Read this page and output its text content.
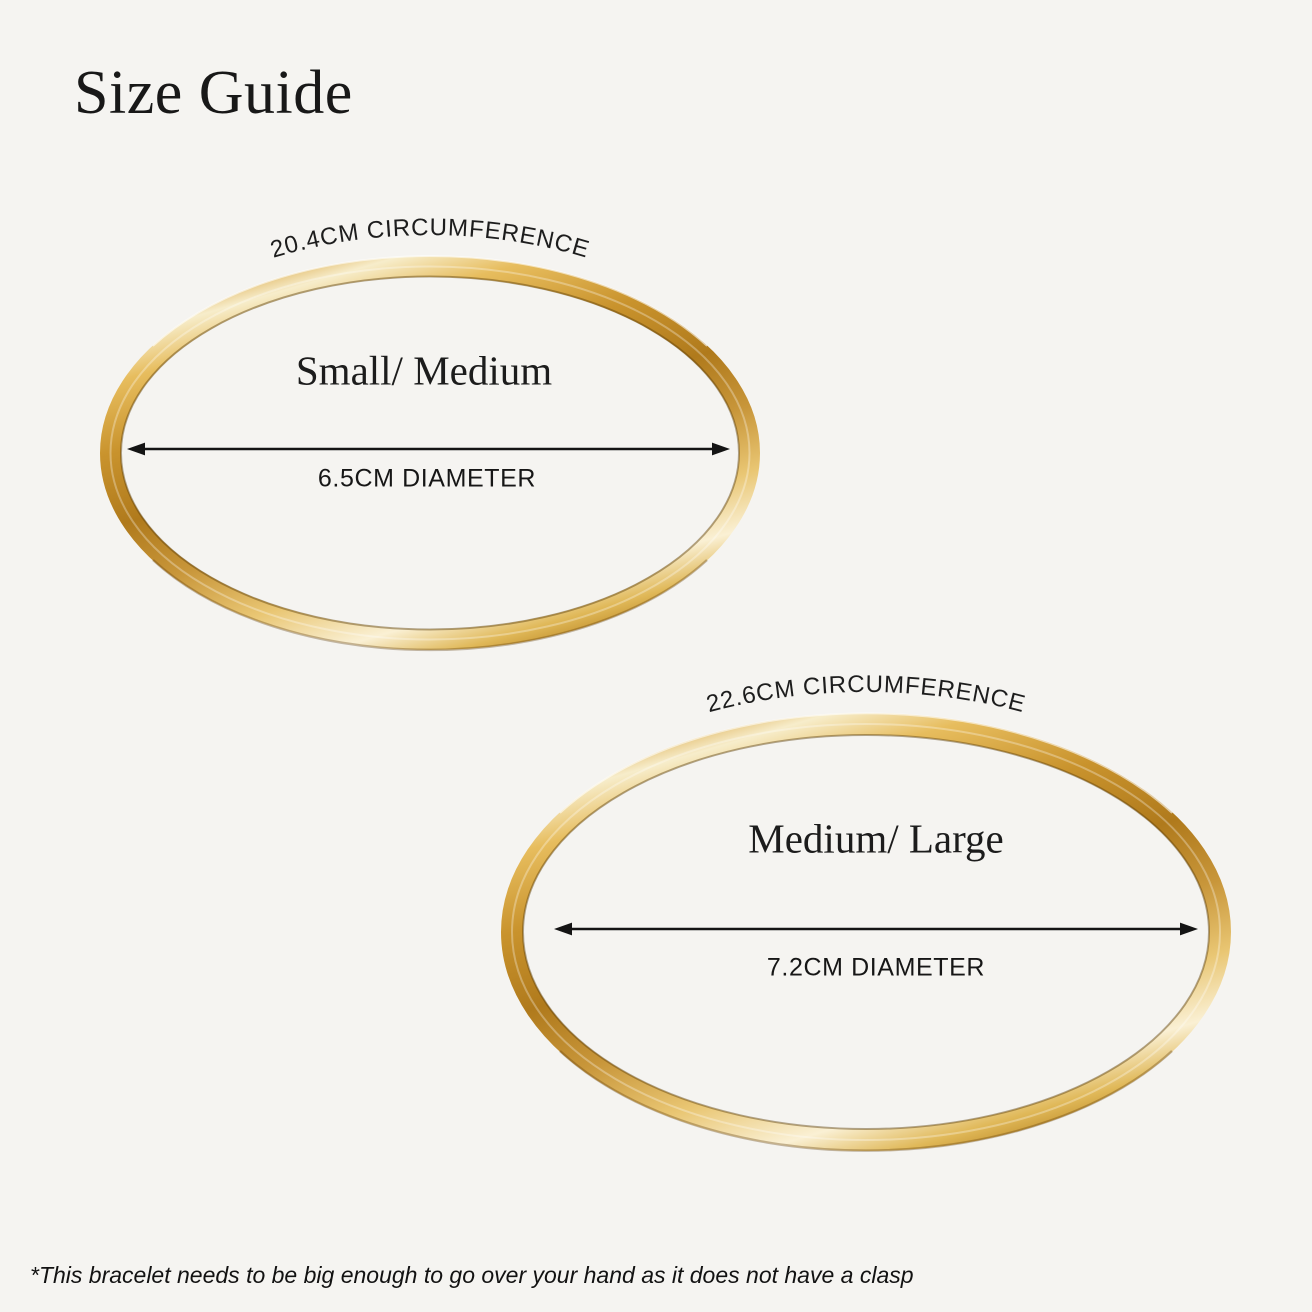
Size Guide
20.4CM CIRCUMFERENCE
22.6CM CIRCUMFERENCE
Small/ Medium
6.5CM DIAMETER
Medium/ Large
7.2CM DIAMETER
*This bracelet needs to be big enough to go over your hand as it does not have a clasp
